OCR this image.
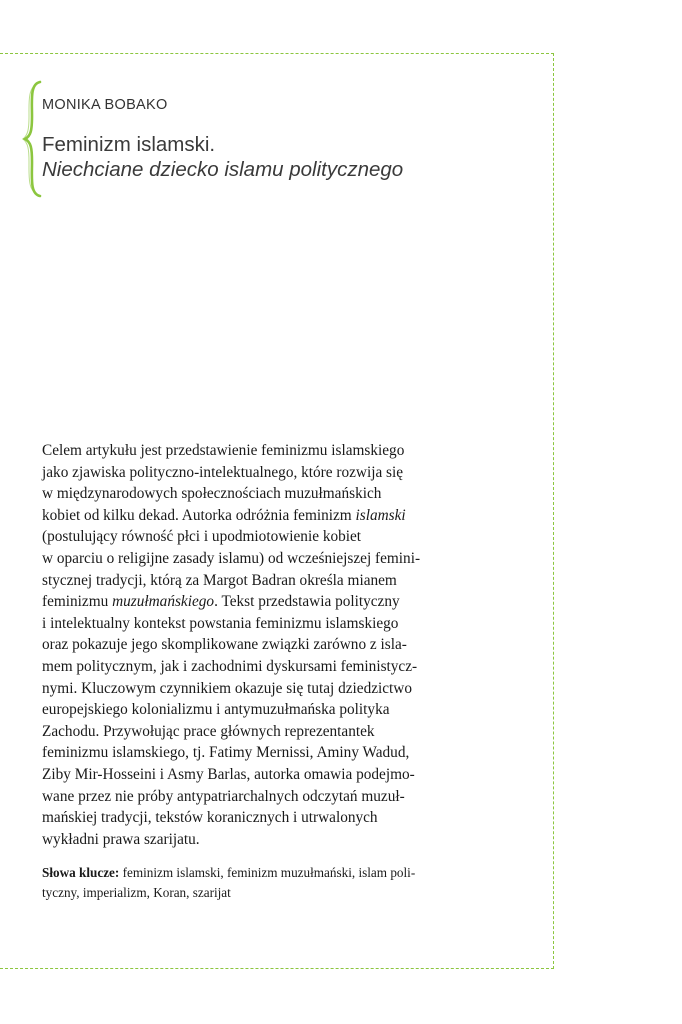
MONIKA BOBAKO
Feminizm islamski.
Niechciane dziecko islamu politycznego
Celem artykułu jest przedstawienie feminizmu islamskiego
jako zjawiska polityczno-intelektualnego, które rozwija się
w międzynarodowych społecznościach muzułmańskich
kobiet od kilku dekad. Autorka odróżnia feminizm islamski
(postulujący równość płci i upodmiotowienie kobiet
w oparciu o religijne zasady islamu) od wcześniejszej femini-
stycznej tradycji, którą za Margot Badran określa mianem
feminizmu muzułmańskiego. Tekst przedstawia polityczny
i intelektualny kontekst powstania feminizmu islamskiego
oraz pokazuje jego skomplikowane związki zarówno z isla-
mem politycznym, jak i zachodnimi dyskursami feministycz-
nymi. Kluczowym czynnikiem okazuje się tutaj dziedzictwo
europejskiego kolonializmu i antymuzułmańska polityka
Zachodu. Przywołując prace głównych reprezentantek
feminizmu islamskiego, tj. Fatimy Mernissi, Aminy Wadud,
Ziby Mir-Hosseini i Asmy Barlas, autorka omawia podejmo-
wane przez nie próby antypatriarchalnych odczytań muzuł-
mańskiej tradycji, tekstów koranicznych i utrwalonych
wykładni prawa szarijatu.
Słowa klucze: feminizm islamski, feminizm muzułmański, islam poli-
tyczny, imperializm, Koran, szarijat
